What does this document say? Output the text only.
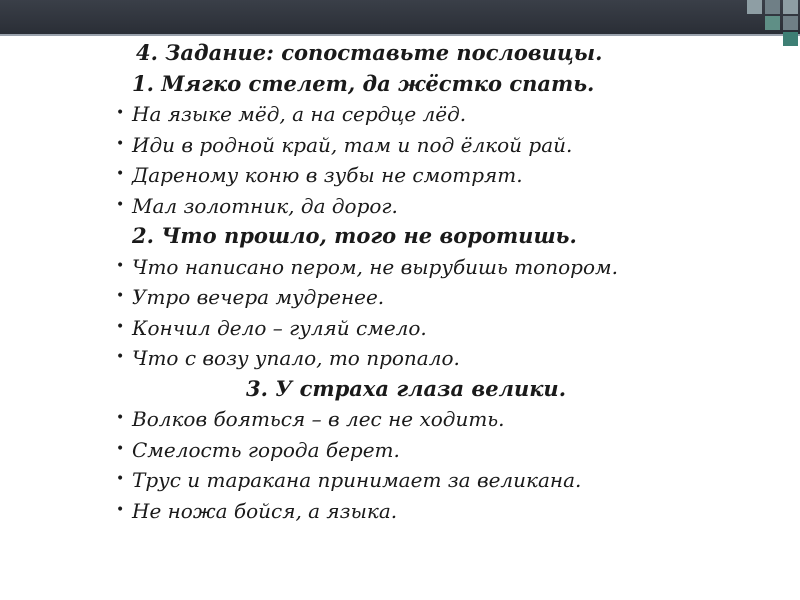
4. Задание: сопоставьте пословицы.
1. Мягко стелет, да жёстко спать.
• На языке мёд, а на сердце лёд.
• Иди в родной край, там и под ёлкой рай.
• Дареному коню в зубы не смотрят.
• Мал золотник, да дорог.
2. Что прошло, того не воротишь.
• Что написано пером, не вырубишь топором.
• Утро вечера мудренее.
• Кончил дело – гуляй смело.
• Что с возу упало, то пропало.
3. У страха глаза велики.
• Волков бояться – в лес не ходить.
• Смелость города берет.
• Трус и таракана принимает за великана.
• Не ножа бойся, а языка.
